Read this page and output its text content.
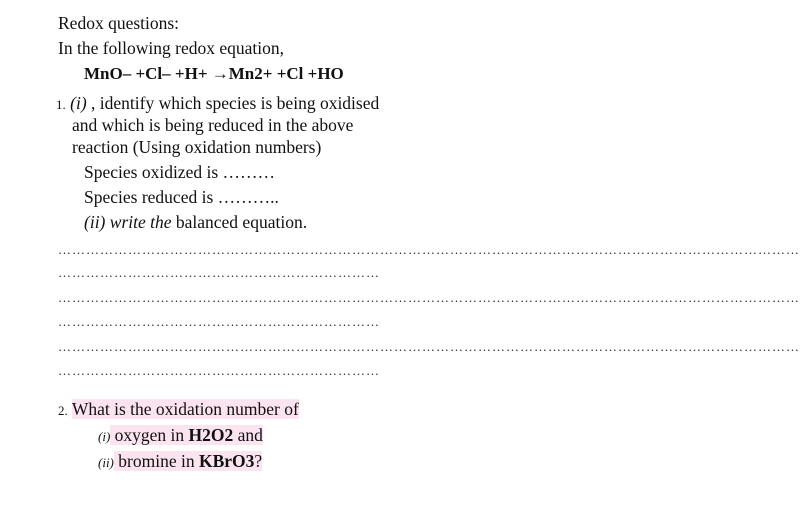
Redox questions:
In the following redox equation,
MnO– +Cl– +H+ →Mn2+ +Cl +HO
1. (i) , identify which species is being oxidised
and which is being reduced in the above
reaction (Using oxidation numbers)
Species oxidized is ………
Species reduced is ………..
(ii) write the balanced equation.
……………………………………………………………………………………………………………………………………………
……………………………………………………………
……………………………………………………………………………………………………………………………………………
……………………………………………………………
……………………………………………………………………………………………………………………………………………
……………………………………………………………
2. What is the oxidation number of
(i) oxygen in H2O2 and
(ii) bromine in KBrO3?
